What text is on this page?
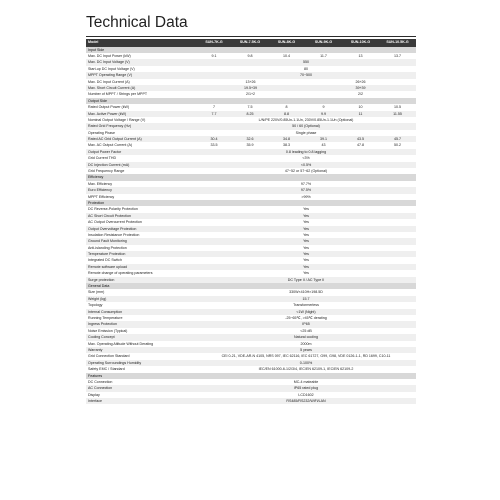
Technical Data
Model	SUN-7K-G	SUN-7.5K-G	SUN-8K-G	SUN-9K-G	SUN-10K-G	SUN-10.5K-G
Input Side
Max. DC Input Power (kW)	9.1	9.8	10.4	11.7	13	13.7
Max. DC Input Voltage (V)	550
Start-up DC Input Voltage (V)	80
MPPT Operating Range (V)	70~500
Max. DC Input Current (A)	13+26	26+26
Max. Short Circuit Current (A)	19.5+39	39+39
Number of MPPT / Strings per MPPT	2/1+2	2/2
Output Side
Rated Output Power (kW)	7	7.5	8	9	10	10.5
Max. Active Power (kW)	7.7	8.25	8.8	9.9	11	11.55
Nominal Output Voltage / Range (V)	L/N/PE 220V/0.85Un-1.1Un, 230V/0.85Un-1.1Un (Optional)
Rated Grid Frequency (Hz)	50 / 60 (Optional)
Operating Phase	Single phase
Rated AC Grid Output Current (A)	30.4	32.6	34.8	39.1	43.5	45.7
Max. AC Output Current (A)	33.5	35.9	38.3	43	47.8	50.2
Output Power Factor	0.8 leading to 0.8 lagging
Grid Current THD	<3%
DC Injection Current (mA)	<0.5%
Grid Frequency Range	47~52 or 57~62 (Optional)
Efficiency
Max. Efficiency	97.7%
Euro Efficiency	97.5%
MPPT Efficiency	>99%
Protection
DC Reverse-Polarity Protection	Yes
AC Short Circuit Protection	Yes
AC Output Overcurrent Protection	Yes
Output Overvoltage Protection	Yes
Insulation Resistance Protection	Yes
Ground Fault Monitoring	Yes
Anti-islanding Protection	Yes
Temperature Protection	Yes
Integrated DC Switch	Yes
Remote software upload	Yes
Remote change of operating parameters	Yes
Surge protection	DC Type II / AC Type II
General Data
Size (mm)	330W×410H×198.5D
Weight (kg)	15.7
Topology	Transformerless
Internal Consumption	<1W (Night)
Running Temperature	-25~65℃, >45℃ derating
Ingress Protection	IP65
Noise Emission (Typical)	<25 dB
Cooling Concept	Natural cooling
Max. Operating Altitude Without Derating	2000m
Warranty	5 years
Grid Connection Standard	CEI 0-21, VDE-AR-N 4105, NRS 097, IEC 62116, IEC 61727, G99, G98, VDE 0126-1-1, RD 1699, C10-11
Operating Surroundings Humidity	0-100%
Safety EMC / Standard	IEC/EN 61000-6-1/2/3/4, IEC/EN 62109-1, IEC/EN 62109-2
Features
DC Connection	MC-4 mateable
AC Connection	IP65 rated plug
Display	LCD1602
Interface	RS485/RS232/WiFi/LAN
